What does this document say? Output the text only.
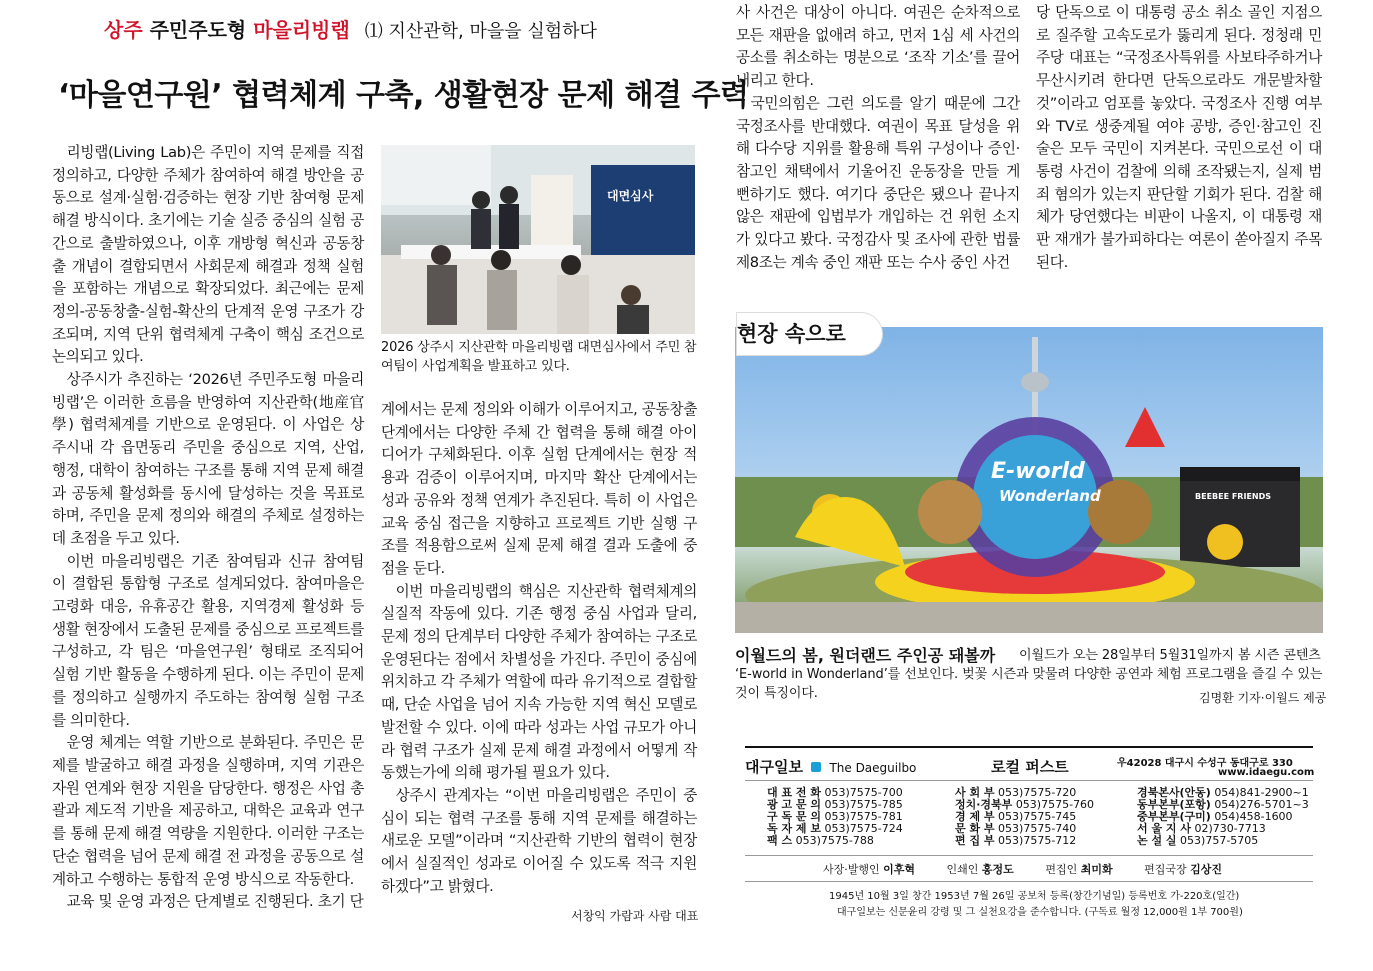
상주 주민주도형 마을리빙랩 ⑴ 지산관학, 마을을 실험하다
‘마을연구원’ 협력체계 구축, 생활현장 문제 해결 주력

리빙랩(Living Lab)은 주민이 지역 문제를 직접 정의하고, 다양한 주체가 참여하여 해결 방안을 공동으로 설계·실험·검증하는 현장 기반 참여형 문제 해결 방식이다. 초기에는 기술 실증 중심의 실험 공간으로 출발하였으나, 이후 개방형 혁신과 공동창출 개념이 결합되면서 사회문제 해결과 정책 실험을 포함하는 개념으로 확장되었다. 최근에는 문제정의-공동창출-실험-확산의 단계적 운영 구조가 강조되며, 지역 단위 협력체계 구축이 핵심 조건으로 논의되고 있다.

상주시가 추진하는 ‘2026년 주민주도형 마을리빙랩’은 이러한 흐름을 반영하여 지산관학(地産官學) 협력체계를 기반으로 운영된다. 이 사업은 상주시내 각 읍면동리 주민을 중심으로 지역, 산업, 행정, 대학이 참여하는 구조를 통해 지역 문제 해결과 공동체 활성화를 동시에 달성하는 것을 목표로 하며, 주민을 문제 정의와 해결의 주체로 설정하는 데 초점을 두고 있다.

이번 마을리빙랩은 기존 참여팀과 신규 참여팀이 결합된 통합형 구조로 설계되었다. 참여마을은 고령화 대응, 유휴공간 활용, 지역경제 활성화 등 생활 현장에서 도출된 문제를 중심으로 프로젝트를 구성하고, 각 팀은 ‘마을연구원’ 형태로 조직되어 실험 기반 활동을 수행하게 된다. 이는 주민이 문제를 정의하고 실행까지 주도하는 참여형 실험 구조를 의미한다.

운영 체계는 역할 기반으로 분화된다. 주민은 문제를 발굴하고 해결 과정을 실행하며, 지역 기관은 자원 연계와 현장 지원을 담당한다. 행정은 사업 총괄과 제도적 기반을 제공하고, 대학은 교육과 연구를 통해 문제 해결 역량을 지원한다. 이러한 구조는 단순 협력을 넘어 문제 해결 전 과정을 공동으로 설계하고 수행하는 통합적 운영 방식으로 작동한다.

교육 및 운영 과정은 단계별로 진행된다. 초기 단

대면심사
2026 상주시 지산관학 마을리빙랩 대면심사에서 주민 참여팀이 사업계획을 발표하고 있다.

계에서는 문제 정의와 이해가 이루어지고, 공동창출 단계에서는 다양한 주체 간 협력을 통해 해결 아이디어가 구체화된다. 이후 실험 단계에서는 현장 적용과 검증이 이루어지며, 마지막 확산 단계에서는 성과 공유와 정책 연계가 추진된다. 특히 이 사업은 교육 중심 접근을 지향하고 프로젝트 기반 실행 구조를 적용함으로써 실제 문제 해결 결과 도출에 중점을 둔다.

이번 마을리빙랩의 핵심은 지산관학 협력체계의 실질적 작동에 있다. 기존 행정 중심 사업과 달리, 문제 정의 단계부터 다양한 주체가 참여하는 구조로 운영된다는 점에서 차별성을 가진다. 주민이 중심에 위치하고 각 주체가 역할에 따라 유기적으로 결합할 때, 단순 사업을 넘어 지속 가능한 지역 혁신 모델로 발전할 수 있다. 이에 따라 성과는 사업 규모가 아니라 협력 구조가 실제 문제 해결 과정에서 어떻게 작동했는가에 의해 평가될 필요가 있다.

상주시 관계자는 “이번 마을리빙랩은 주민이 중심이 되는 협력 구조를 통해 지역 문제를 해결하는 새로운 모델”이라며 “지산관학 기반의 협력이 현장에서 실질적인 성과로 이어질 수 있도록 적극 지원하겠다”고 밝혔다.

서창익 가람과 사람 대표

사 사건은 대상이 아니다. 여권은 순차적으로 모든 재판을 없애려 하고, 먼저 1심 세 사건의 공소를 취소하는 명분으로 ‘조작 기소’를 끌어내리고 한다.

국민의힘은 그런 의도를 알기 때문에 그간 국정조사를 반대했다. 여권이 목표 달성을 위해 다수당 지위를 활용해 특위 구성이나 증인·참고인 채택에서 기울어진 운동장을 만들 게 뻔하기도 했다. 여기다 중단은 됐으나 끝나지 않은 재판에 입법부가 개입하는 건 위헌 소지가 있다고 봤다. 국정감사 및 조사에 관한 법률 제8조는 계속 중인 재판 또는 수사 중인 사건

당 단독으로 이 대통령 공소 취소 골인 지점으로 질주할 고속도로가 뚫리게 된다. 정청래 민주당 대표는 “국정조사특위를 사보타주하거나 무산시키려 한다면 단독으로라도 개문발차할 것”이라고 엄포를 놓았다. 국정조사 진행 여부와 TV로 생중계될 여야 공방, 증인·참고인 진술은 모두 국민이 지켜본다. 국민으로선 이 대통령 사건이 검찰에 의해 조작됐는지, 실제 범죄 혐의가 있는지 판단할 기회가 된다. 검찰 해체가 당연했다는 비판이 나올지, 이 대통령 재판 재개가 불가피하다는 여론이 쏟아질지 주목된다.

E-world
Wonderland	BEEBEE FRIENDS
현장 속으로
이월드의 봄, 원더랜드 주인공 돼볼까	이월드가 오는 28일부터 5월31일까지 봄 시즌 콘텐츠 ‘E-world in Wonderland’를 선보인다. 벚꽃 시즌과 맞물려 다양한 공연과 체험 프로그램을 즐길 수 있는 것이 특징이다.	김명환 기자·이월드 제공
대구일보 The Daeguilbo	로컬 퍼스트	우42028 대구시 수성구 동대구로 330
www.idaegu.com
대 표 전 화 053)7575-700
광 고 문 의 053)7575-785
구 독 문 의 053)7575-781
독 자 제 보 053)7575-724
팩 스 053)7575-788
사 회 부 053)7575-720
정치·경북부 053)7575-760
경 제 부 053)7575-745
문 화 부 053)7575-740
편 집 부 053)7575-712
경북본사(안동) 054)841-2900~1
동부본부(포항) 054)276-5701~3
중부본부(구미) 054)458-1600
서 울 지 사 02)730-7713
논 설 실 053)757-5705
사장·발행인 이후혁	인쇄인 홍정도	편집인 최미화	편집국장 김상진
1945년 10월 3일 창간 1953년 7월 26일 공보처 등록(창간기념일) 등록번호 가-220호(일간)
대구일보는 신문윤리 강령 및 그 실천요강을 준수합니다. (구독료 월정 12,000원 1부 700원)
